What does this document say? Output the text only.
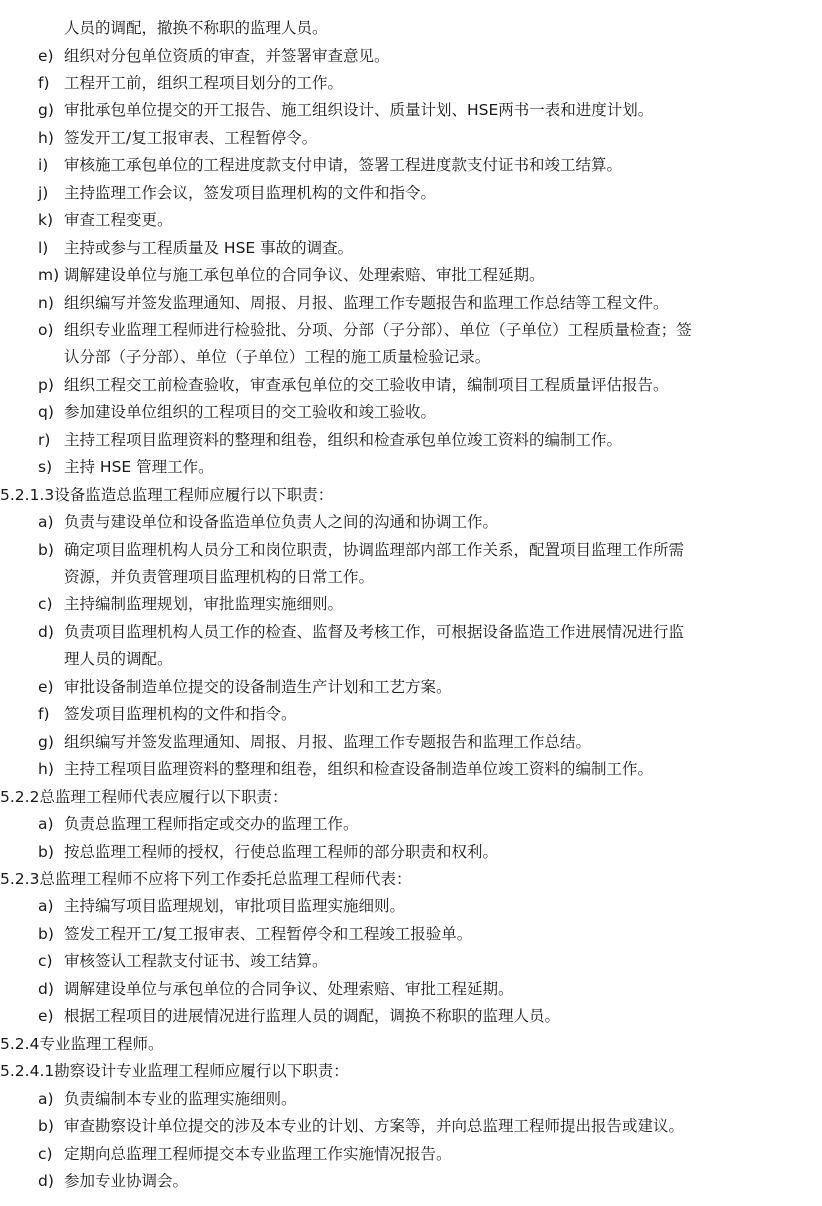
人员的调配，撤换不称职的监理人员。
e) 组织对分包单位资质的审查，并签署审查意见。
f) 工程开工前，组织工程项目划分的工作。
g) 审批承包单位提交的开工报告、施工组织设计、质量计划、HSE两书一表和进度计划。
h) 签发开工/复工报审表、工程暂停令。
i) 审核施工承包单位的工程进度款支付申请，签署工程进度款支付证书和竣工结算。
j) 主持监理工作会议，签发项目监理机构的文件和指令。
k) 审查工程变更。
l) 主持或参与工程质量及 HSE 事故的调查。
m) 调解建设单位与施工承包单位的合同争议、处理索赔、审批工程延期。
n) 组织编写并签发监理通知、周报、月报、监理工作专题报告和监理工作总结等工程文件。
o) 组织专业监理工程师进行检验批、分项、分部（子分部）、单位（子单位）工程质量检查；签
认分部（子分部）、单位（子单位）工程的施工质量检验记录。
p) 组织工程交工前检查验收，审查承包单位的交工验收申请，编制项目工程质量评估报告。
q) 参加建设单位组织的工程项目的交工验收和竣工验收。
r) 主持工程项目监理资料的整理和组卷，组织和检查承包单位竣工资料的编制工作。
s) 主持 HSE 管理工作。
5.2.1.3设备监造总监理工程师应履行以下职责：
a) 负责与建设单位和设备监造单位负责人之间的沟通和协调工作。
b) 确定项目监理机构人员分工和岗位职责，协调监理部内部工作关系，配置项目监理工作所需
资源，并负责管理项目监理机构的日常工作。
c) 主持编制监理规划，审批监理实施细则。
d) 负责项目监理机构人员工作的检查、监督及考核工作，可根据设备监造工作进展情况进行监
理人员的调配。
e) 审批设备制造单位提交的设备制造生产计划和工艺方案。
f) 签发项目监理机构的文件和指令。
g) 组织编写并签发监理通知、周报、月报、监理工作专题报告和监理工作总结。
h) 主持工程项目监理资料的整理和组卷，组织和检查设备制造单位竣工资料的编制工作。
5.2.2总监理工程师代表应履行以下职责：
a) 负责总监理工程师指定或交办的监理工作。
b) 按总监理工程师的授权，行使总监理工程师的部分职责和权利。
5.2.3总监理工程师不应将下列工作委托总监理工程师代表：
a) 主持编写项目监理规划，审批项目监理实施细则。
b) 签发工程开工/复工报审表、工程暂停令和工程竣工报验单。
c) 审核签认工程款支付证书、竣工结算。
d) 调解建设单位与承包单位的合同争议、处理索赔、审批工程延期。
e) 根据工程项目的进展情况进行监理人员的调配，调换不称职的监理人员。
5.2.4专业监理工程师。
5.2.4.1勘察设计专业监理工程师应履行以下职责：
a) 负责编制本专业的监理实施细则。
b) 审查勘察设计单位提交的涉及本专业的计划、方案等，并向总监理工程师提出报告或建议。
c) 定期向总监理工程师提交本专业监理工作实施情况报告。
d) 参加专业协调会。
